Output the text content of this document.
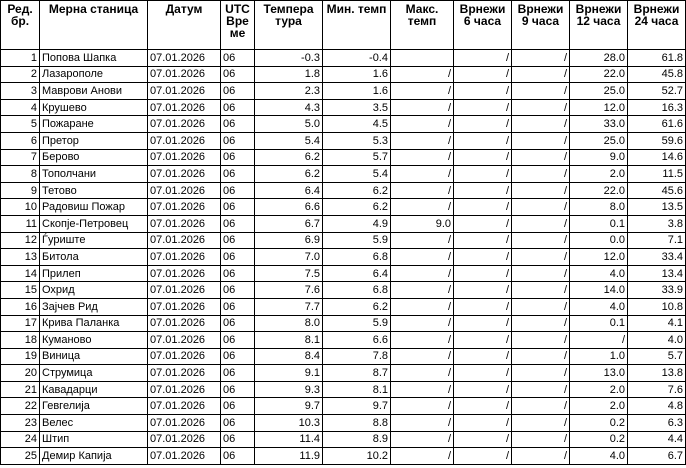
Ред. бр.	Мерна станица	Датум	UTC Вре ме	Темпера тура	Мин. темп	Макс. темп	Врнежи 6 часа	Врнежи 9 часа	Врнежи 12 часа	Врнежи 24 часа
1	Попова Шапка	07.01.2026	06	-0.3	-0.4		/	/	28.0	61.8
2	Лазарополе	07.01.2026	06	1.8	1.6	/	/	/	22.0	45.8
3	Маврови Анови	07.01.2026	06	2.3	1.6	/	/	/	25.0	52.7
4	Крушево	07.01.2026	06	4.3	3.5	/	/	/	12.0	16.3
5	Пожаране	07.01.2026	06	5.0	4.5	/	/	/	33.0	61.6
6	Претор	07.01.2026	06	5.4	5.3	/	/	/	25.0	59.6
7	Берово	07.01.2026	06	6.2	5.7	/	/	/	9.0	14.6
8	Тополчани	07.01.2026	06	6.2	5.4	/	/	/	2.0	11.5
9	Тетово	07.01.2026	06	6.4	6.2	/	/	/	22.0	45.6
10	Радовиш Пожар	07.01.2026	06	6.6	6.2	/	/	/	8.0	13.5
11	Скопје-Петровец	07.01.2026	06	6.7	4.9	9.0	/	/	0.1	3.8
12	Ѓуриште	07.01.2026	06	6.9	5.9	/	/	/	0.0	7.1
13	Битола	07.01.2026	06	7.0	6.8	/	/	/	12.0	33.4
14	Прилеп	07.01.2026	06	7.5	6.4	/	/	/	4.0	13.4
15	Охрид	07.01.2026	06	7.6	6.8	/	/	/	14.0	33.9
16	Зајчев Рид	07.01.2026	06	7.7	6.2	/	/	/	4.0	10.8
17	Крива Паланка	07.01.2026	06	8.0	5.9	/	/	/	0.1	4.1
18	Куманово	07.01.2026	06	8.1	6.6	/	/	/	/	4.0
19	Виница	07.01.2026	06	8.4	7.8	/	/	/	1.0	5.7
20	Струмица	07.01.2026	06	9.1	8.7	/	/	/	13.0	13.8
21	Кавадарци	07.01.2026	06	9.3	8.1	/	/	/	2.0	7.6
22	Гевгелија	07.01.2026	06	9.7	9.7	/	/	/	2.0	4.8
23	Велес	07.01.2026	06	10.3	8.8	/	/	/	0.2	6.3
24	Штип	07.01.2026	06	11.4	8.9	/	/	/	0.2	4.4
25	Демир Капија	07.01.2026	06	11.9	10.2	/	/	/	4.0	6.7
